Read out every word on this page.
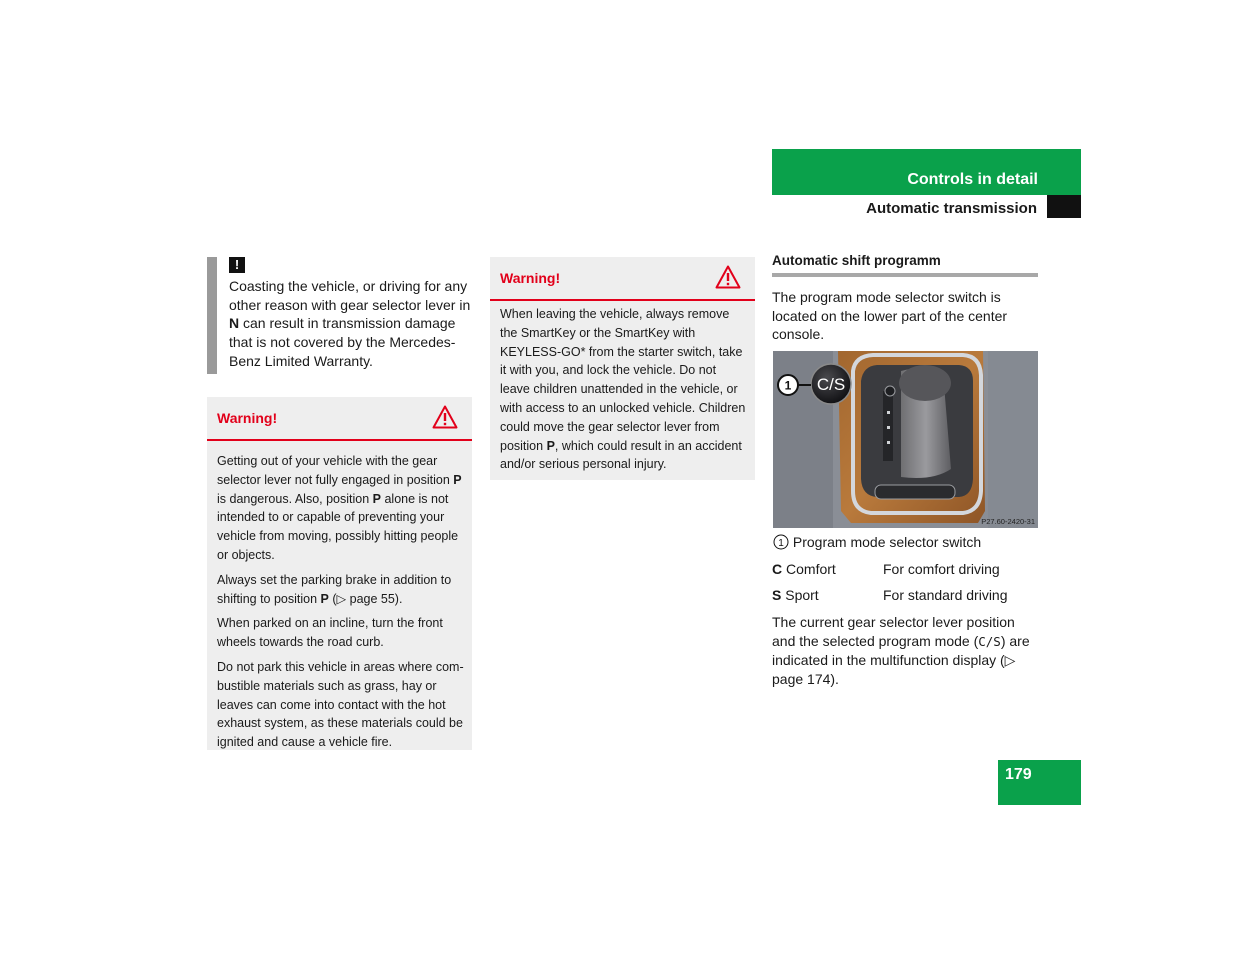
Controls in detail
Automatic transmission
!
Coasting the vehicle, or driving for any other reason with gear selector lever in N can result in transmission damage that is not covered by the Mercedes-Benz Limited Warranty.
Warning!

Getting out of your vehicle with the gear selector lever not fully engaged in position P is dangerous. Also, position P alone is not intended to or capable of preventing your vehicle from moving, possibly hitting people or objects.

Always set the parking brake in addition to shifting to position P (▷ page 55).

When parked on an incline, turn the front wheels towards the road curb.

Do not park this vehicle in areas where com-bustible materials such as grass, hay or leaves can come into contact with the hot exhaust system, as these materials could be ignited and cause a vehicle fire.

Warning!

When leaving the vehicle, always remove the SmartKey or the SmartKey with KEYLESS-GO* from the starter switch, take it with you, and lock the vehicle. Do not leave children unattended in the vehicle, or with access to an unlocked vehicle. Children could move the gear selector lever from position P, which could result in an accident and/or serious personal injury.

Automatic shift programm
The program mode selector switch is located on the lower part of the center console.
1 C/S
P27.60-2420-31
1 Program mode selector switch
C Comfort	For comfort driving
S Sport	For standard driving
The current gear selector lever position and the selected program mode (C/S) are indicated in the multifunction display (▷ page 174).
179
